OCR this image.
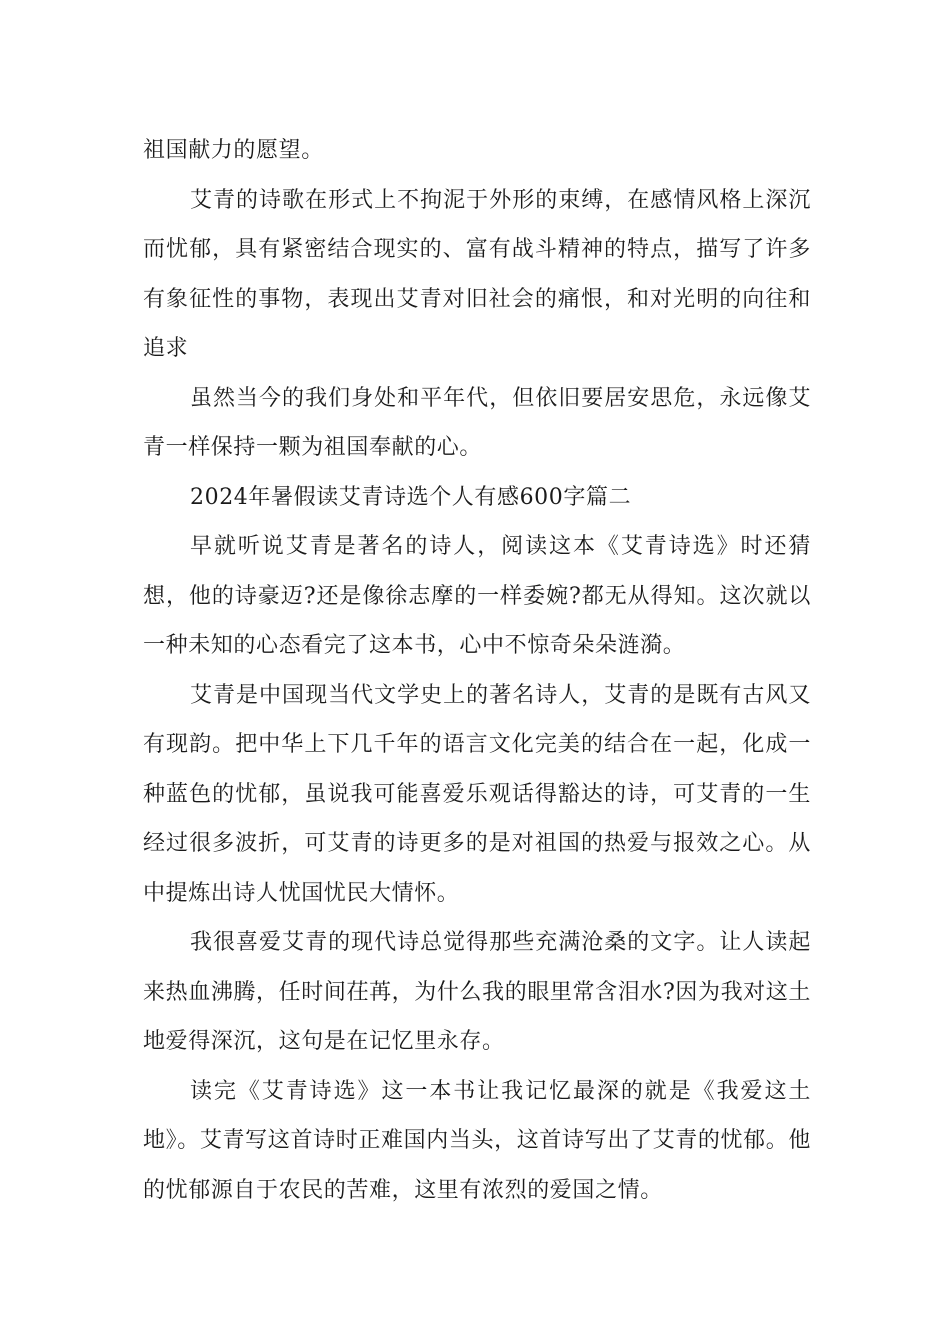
祖国献力的愿望。

艾青的诗歌在形式上不拘泥于外形的束缚，在感情风格上深沉而忧郁，具有紧密结合现实的、富有战斗精神的特点，描写了许多有象征性的事物，表现出艾青对旧社会的痛恨，和对光明的向往和追求

虽然当今的我们身处和平年代，但依旧要居安思危，永远像艾青一样保持一颗为祖国奉献的心。

2024年暑假读艾青诗选个人有感600字篇二

早就听说艾青是著名的诗人，阅读这本《艾青诗选》时还猜想，他的诗豪迈?还是像徐志摩的一样委婉?都无从得知。这次就以一种未知的心态看完了这本书，心中不惊奇朵朵涟漪。

艾青是中国现当代文学史上的著名诗人，艾青的是既有古风又有现韵。把中华上下几千年的语言文化完美的结合在一起，化成一种蓝色的忧郁，虽说我可能喜爱乐观话得豁达的诗，可艾青的一生经过很多波折，可艾青的诗更多的是对祖国的热爱与报效之心。从中提炼出诗人忧国忧民大情怀。

我很喜爱艾青的现代诗总觉得那些充满沧桑的文字。让人读起来热血沸腾，任时间茌苒，为什么我的眼里常含泪水?因为我对这土地爱得深沉，这句是在记忆里永存。

读完《艾青诗选》这一本书让我记忆最深的就是《我爱这土地》。艾青写这首诗时正难国内当头，这首诗写出了艾青的忧郁。他的忧郁源自于农民的苦难，这里有浓烈的爱国之情。
